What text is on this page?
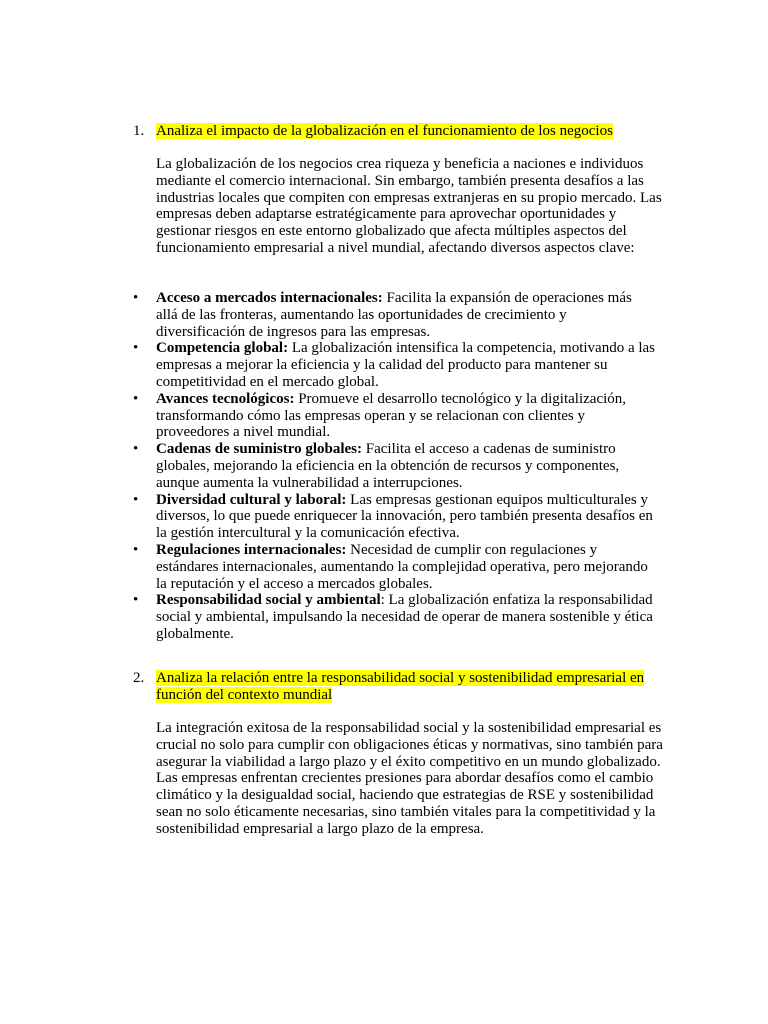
1. Analiza el impacto de la globalización en el funcionamiento de los negocios

La globalización de los negocios crea riqueza y beneficia a naciones e individuos mediante el comercio internacional. Sin embargo, también presenta desafíos a las industrias locales que compiten con empresas extranjeras en su propio mercado. Las empresas deben adaptarse estratégicamente para aprovechar oportunidades y gestionar riesgos en este entorno globalizado que afecta múltiples aspectos del funcionamiento empresarial a nivel mundial, afectando diversos aspectos clave:

•	Acceso a mercados internacionales: Facilita la expansión de operaciones más allá de las fronteras, aumentando las oportunidades de crecimiento y diversificación de ingresos para las empresas.
•	Competencia global: La globalización intensifica la competencia, motivando a las empresas a mejorar la eficiencia y la calidad del producto para mantener su competitividad en el mercado global.
•	Avances tecnológicos: Promueve el desarrollo tecnológico y la digitalización, transformando cómo las empresas operan y se relacionan con clientes y proveedores a nivel mundial.
•	Cadenas de suministro globales: Facilita el acceso a cadenas de suministro globales, mejorando la eficiencia en la obtención de recursos y componentes, aunque aumenta la vulnerabilidad a interrupciones.
•	Diversidad cultural y laboral: Las empresas gestionan equipos multiculturales y diversos, lo que puede enriquecer la innovación, pero también presenta desafíos en la gestión intercultural y la comunicación efectiva.
•	Regulaciones internacionales: Necesidad de cumplir con regulaciones y estándares internacionales, aumentando la complejidad operativa, pero mejorando la reputación y el acceso a mercados globales.
•	Responsabilidad social y ambiental: La globalización enfatiza la responsabilidad social y ambiental, impulsando la necesidad de operar de manera sostenible y ética globalmente.
2. Analiza la relación entre la responsabilidad social y sostenibilidad empresarial en función del contexto mundial

La integración exitosa de la responsabilidad social y la sostenibilidad empresarial es crucial no solo para cumplir con obligaciones éticas y normativas, sino también para asegurar la viabilidad a largo plazo y el éxito competitivo en un mundo globalizado. Las empresas enfrentan crecientes presiones para abordar desafíos como el cambio climático y la desigualdad social, haciendo que estrategias de RSE y sostenibilidad sean no solo éticamente necesarias, sino también vitales para la competitividad y la sostenibilidad empresarial a largo plazo de la empresa.
